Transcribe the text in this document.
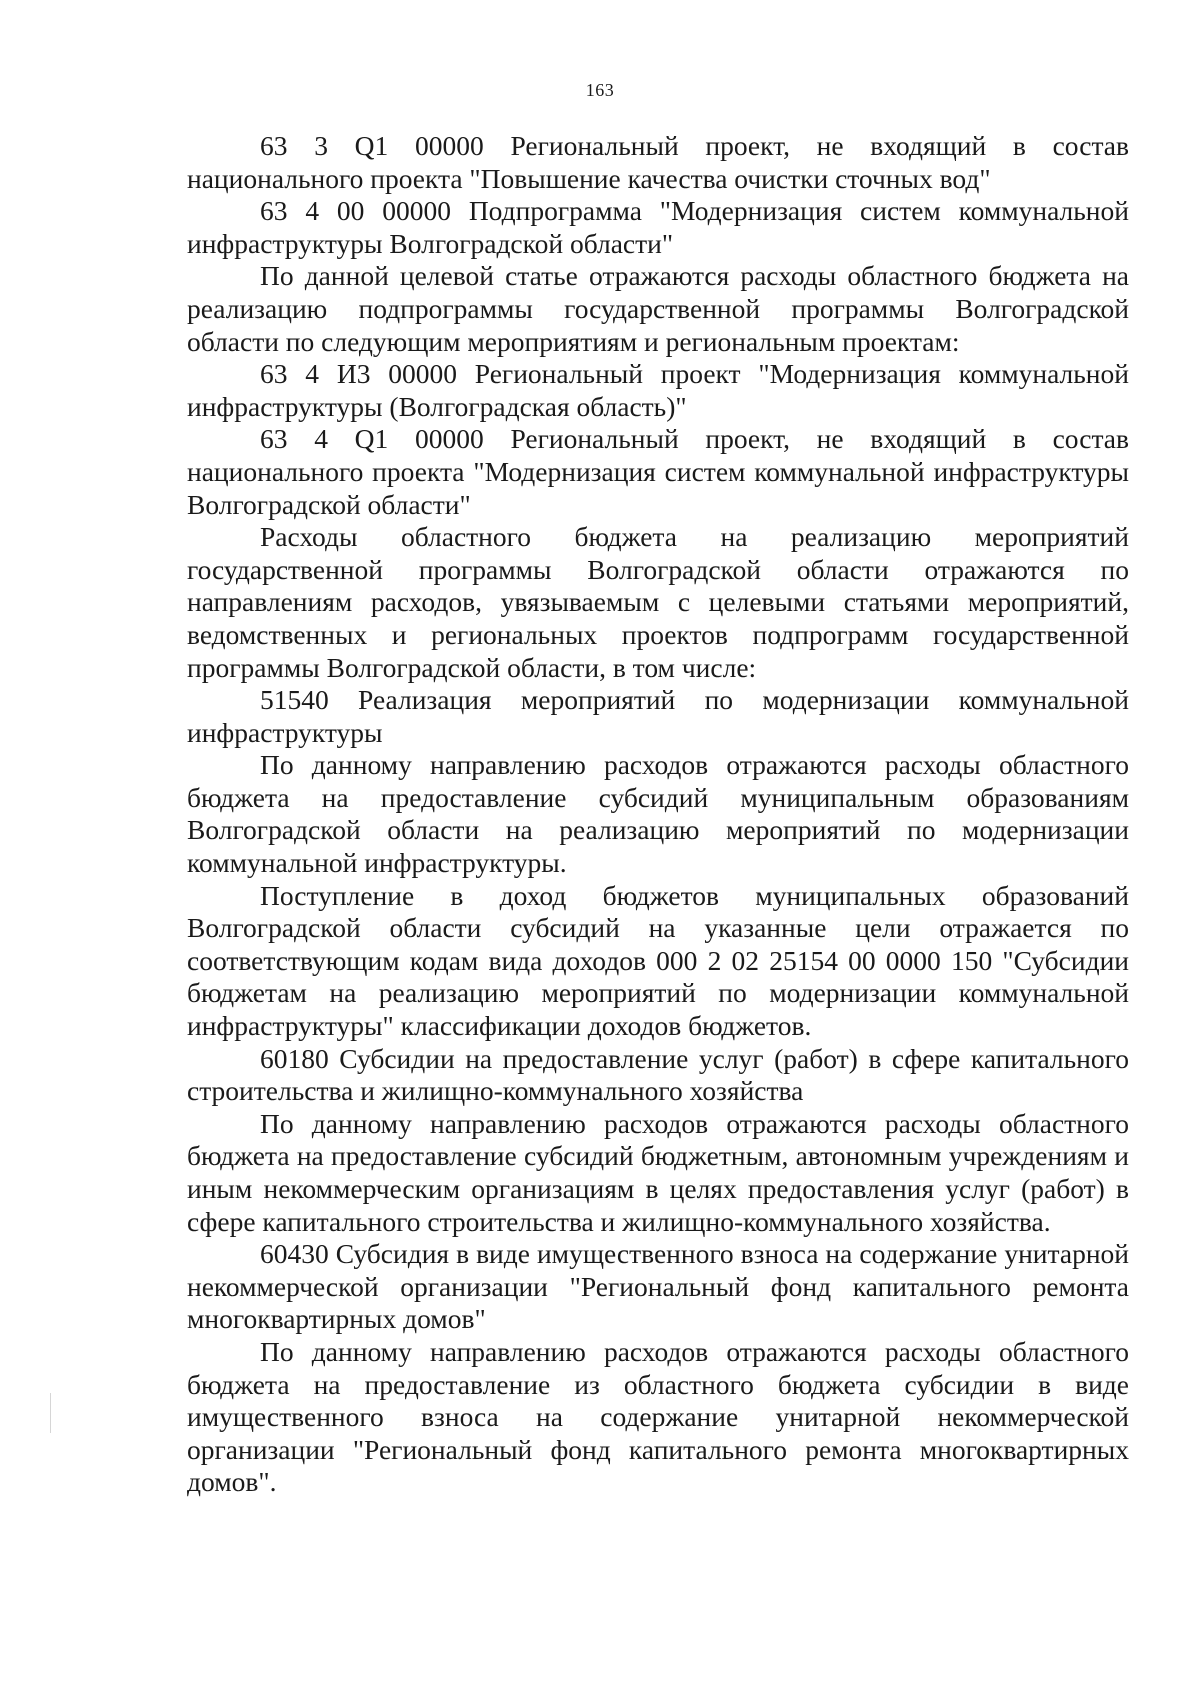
163

63 3 Q1 00000 Региональный проект, не входящий в состав национального проекта "Повышение качества очистки сточных вод"

63 4 00 00000 Подпрограмма "Модернизация систем коммунальной инфраструктуры Волгоградской области"

По данной целевой статье отражаются расходы областного бюджета на реализацию подпрограммы государственной программы Волгоградской области по следующим мероприятиям и региональным проектам:

63 4 И3 00000 Региональный проект "Модернизация коммунальной инфраструктуры (Волгоградская область)"

63 4 Q1 00000 Региональный проект, не входящий в состав национального проекта "Модернизация систем коммунальной инфраструктуры Волгоградской области"

Расходы областного бюджета на реализацию мероприятий государственной программы Волгоградской области отражаются по направлениям расходов, увязываемым с целевыми статьями мероприятий, ведомственных и региональных проектов подпрограмм государственной программы Волгоградской области, в том числе:

51540 Реализация мероприятий по модернизации коммунальной инфраструктуры

По данному направлению расходов отражаются расходы областного бюджета на предоставление субсидий муниципальным образованиям Волгоградской области на реализацию мероприятий по модернизации коммунальной инфраструктуры.

Поступление в доход бюджетов муниципальных образований Волгоградской области субсидий на указанные цели отражается по соответствующим кодам вида доходов 000 2 02 25154 00 0000 150 "Субсидии бюджетам на реализацию мероприятий по модернизации коммунальной инфраструктуры" классификации доходов бюджетов.

60180 Субсидии на предоставление услуг (работ) в сфере капитального строительства и жилищно-коммунального хозяйства

По данному направлению расходов отражаются расходы областного бюджета на предоставление субсидий бюджетным, автономным учреждениям и иным некоммерческим организациям в целях предоставления услуг (работ) в сфере капитального строительства и жилищно-коммунального хозяйства.

60430 Субсидия в виде имущественного взноса на содержание унитарной некоммерческой организации "Региональный фонд капитального ремонта многоквартирных домов"

По данному направлению расходов отражаются расходы областного бюджета на предоставление из областного бюджета субсидии в виде имущественного взноса на содержание унитарной некоммерческой организации "Региональный фонд капитального ремонта многоквартирных домов".
